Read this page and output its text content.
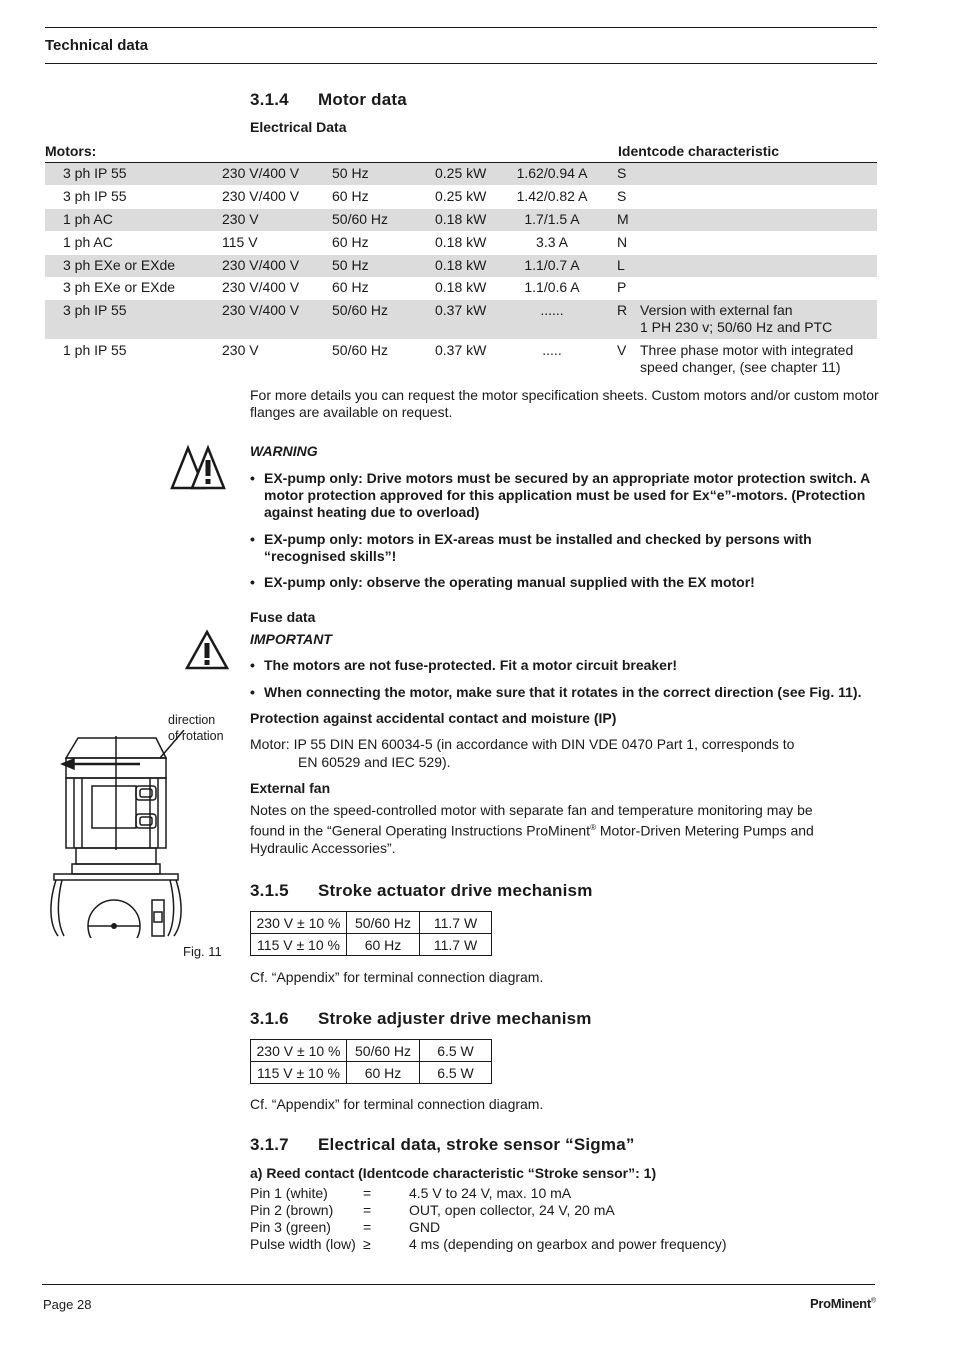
Technical data
3.1.4 Motor data
Electrical Data
Motors:	Identcode characteristic
3 ph IP 55	230 V/400 V 50 Hz	0.25 kW	1.62/0.94 A	S
3 ph IP 55	230 V/400 V 60 Hz	0.25 kW	1.42/0.82 A	S
1 ph AC	230 V	50/60 Hz	0.18 kW	1.7/1.5 A	M
1 ph AC	115 V	60 Hz	0.18 kW	3.3 A	N
3 ph EXe or EXde	230 V/400 V 50 Hz	0.18 kW	1.1/0.7 A	L
3 ph EXe or EXde	230 V/400 V 60 Hz	0.18 kW	1.1/0.6 A	P
3 ph IP 55	230 V/400 V 50/60 Hz	0.37 kW	......	R Version with external fan
1 PH 230 v; 50/60 Hz and PTC
1 ph IP 55	230 V	50/60 Hz	0.37 kW	.....	V Three phase motor with integrated
speed changer, (see chapter 11)
For more details you can request the motor specification sheets. Custom motors and/or custom motor flanges are available on request.
WARNING
• EX-pump only: Drive motors must be secured by an appropriate motor protection switch. A motor protection approved for this application must be used for Ex“e”-motors. (Protection against heating due to overload)
• EX-pump only: motors in EX-areas must be installed and checked by persons with “recognised skills”!
• EX-pump only: observe the operating manual supplied with the EX motor!
Fuse data
IMPORTANT
• The motors are not fuse-protected. Fit a motor circuit breaker!
• When connecting the motor, make sure that it rotates in the correct direction (see Fig. 11).
Protection against accidental contact and moisture (IP)
Motor: IP 55 DIN EN 60034-5 (in accordance with DIN VDE 0470 Part 1, corresponds to
EN 60529 and IEC 529).
External fan
Notes on the speed-controlled motor with separate fan and temperature monitoring may be found in the “General Operating Instructions ProMinent® Motor-Driven Metering Pumps and Hydraulic Accessories”.
direction
of rotation
Fig. 11
3.1.5 Stroke actuator drive mechanism
230 V ± 10 %	50/60 Hz	11.7 W
115 V ± 10 %	60 Hz	11.7 W
Cf. “Appendix” for terminal connection diagram.
3.1.6 Stroke adjuster drive mechanism
230 V ± 10 %	50/60 Hz	6.5 W
115 V ± 10 %	60 Hz	6.5 W
Cf. “Appendix” for terminal connection diagram.
3.1.7 Electrical data, stroke sensor “Sigma”
a) Reed contact (Identcode characteristic “Stroke sensor”: 1)
Pin 1 (white)	=	4.5 V to 24 V, max. 10 mA
Pin 2 (brown) =	OUT, open collector, 24 V, 20 mA
Pin 3 (green) =	GND
Pulse width (low) ≥	4 ms (depending on gearbox and power frequency)
Page 28	ProMinent®
